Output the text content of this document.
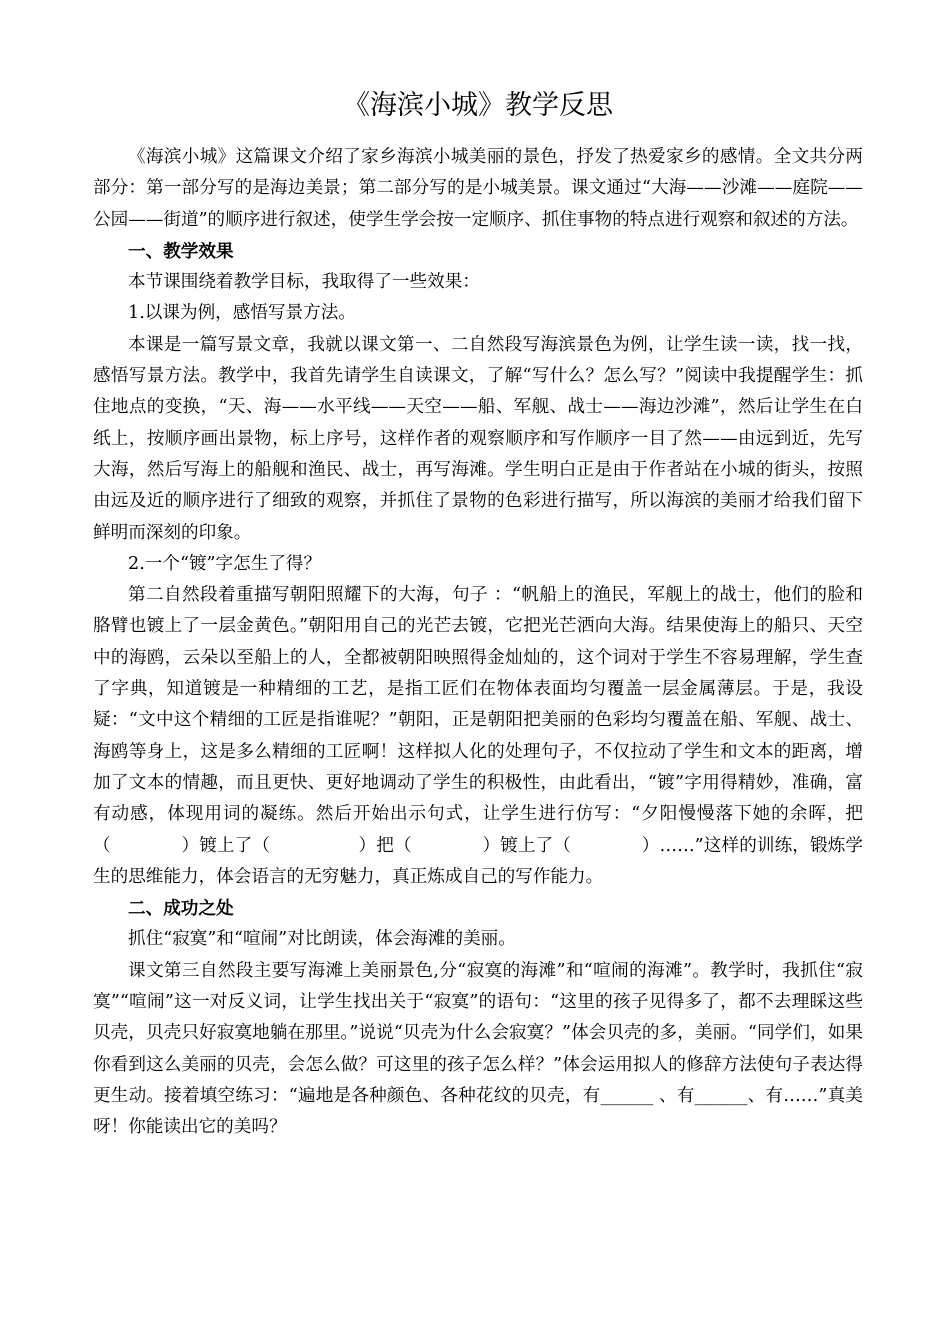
《海滨小城》教学反思

《海滨小城》这篇课文介绍了家乡海滨小城美丽的景色，抒发了热爱家乡的感情。全文共分两部分：第一部分写的是海边美景；第二部分写的是小城美景。课文通过“大海——沙滩——庭院——公园——街道”的顺序进行叙述，使学生学会按一定顺序、抓住事物的特点进行观察和叙述的方法。

一、教学效果

本节课围绕着教学目标，我取得了一些效果：

1.以课为例，感悟写景方法。

本课是一篇写景文章，我就以课文第一、二自然段写海滨景色为例，让学生读一读，找一找，感悟写景方法。教学中，我首先请学生自读课文，了解“写什么？怎么写？”阅读中我提醒学生：抓住地点的变换，“天、海——水平线——天空——船、军舰、战士——海边沙滩”，然后让学生在白纸上，按顺序画出景物，标上序号，这样作者的观察顺序和写作顺序一目了然——由远到近，先写大海，然后写海上的船舰和渔民、战士，再写海滩。学生明白正是由于作者站在小城的街头，按照由远及近的顺序进行了细致的观察，并抓住了景物的色彩进行描写，所以海滨的美丽才给我们留下鲜明而深刻的印象。

2.一个“镀”字怎生了得？

第二自然段着重描写朝阳照耀下的大海，句子 ：“帆船上的渔民，军舰上的战士，他们的脸和胳臂也镀上了一层金黄色。”朝阳用自己的光芒去镀，它把光芒洒向大海。结果使海上的船只、天空中的海鸥，云朵以至船上的人，全都被朝阳映照得金灿灿的，这个词对于学生不容易理解，学生查了字典，知道镀是一种精细的工艺，是指工匠们在物体表面均匀覆盖一层金属薄层。于是，我设疑：“文中这个精细的工匠是指谁呢？”朝阳，正是朝阳把美丽的色彩均匀覆盖在船、军舰、战士、海鸥等身上，这是多么精细的工匠啊！这样拟人化的处理句子，不仅拉动了学生和文本的距离，增加了文本的情趣，而且更快、更好地调动了学生的积极性，由此看出，“镀”字用得精妙，准确，富有动感，体现用词的凝练。然后开始出示句式，让学生进行仿写：“夕阳慢慢落下她的余晖，把（　　　　）镀上了（　　　　　）把（　　　　）镀上了（　　　　）……”这样的训练，锻炼学生的思维能力，体会语言的无穷魅力，真正炼成自己的写作能力。

二、成功之处

抓住“寂寞”和“喧闹”对比朗读，体会海滩的美丽。

课文第三自然段主要写海滩上美丽景色,分“寂寞的海滩”和“喧闹的海滩”。教学时，我抓住“寂寞”“喧闹”这一对反义词，让学生找出关于“寂寞”的语句：“这里的孩子见得多了，都不去理睬这些贝壳，贝壳只好寂寞地躺在那里。”说说“贝壳为什么会寂寞？”体会贝壳的多，美丽。“同学们，如果你看到这么美丽的贝壳，会怎么做？可这里的孩子怎么样？”体会运用拟人的修辞方法使句子表达得更生动。接着填空练习：“遍地是各种颜色、各种花纹的贝壳，有______ 、有______、有……”真美呀！你能读出它的美吗？
